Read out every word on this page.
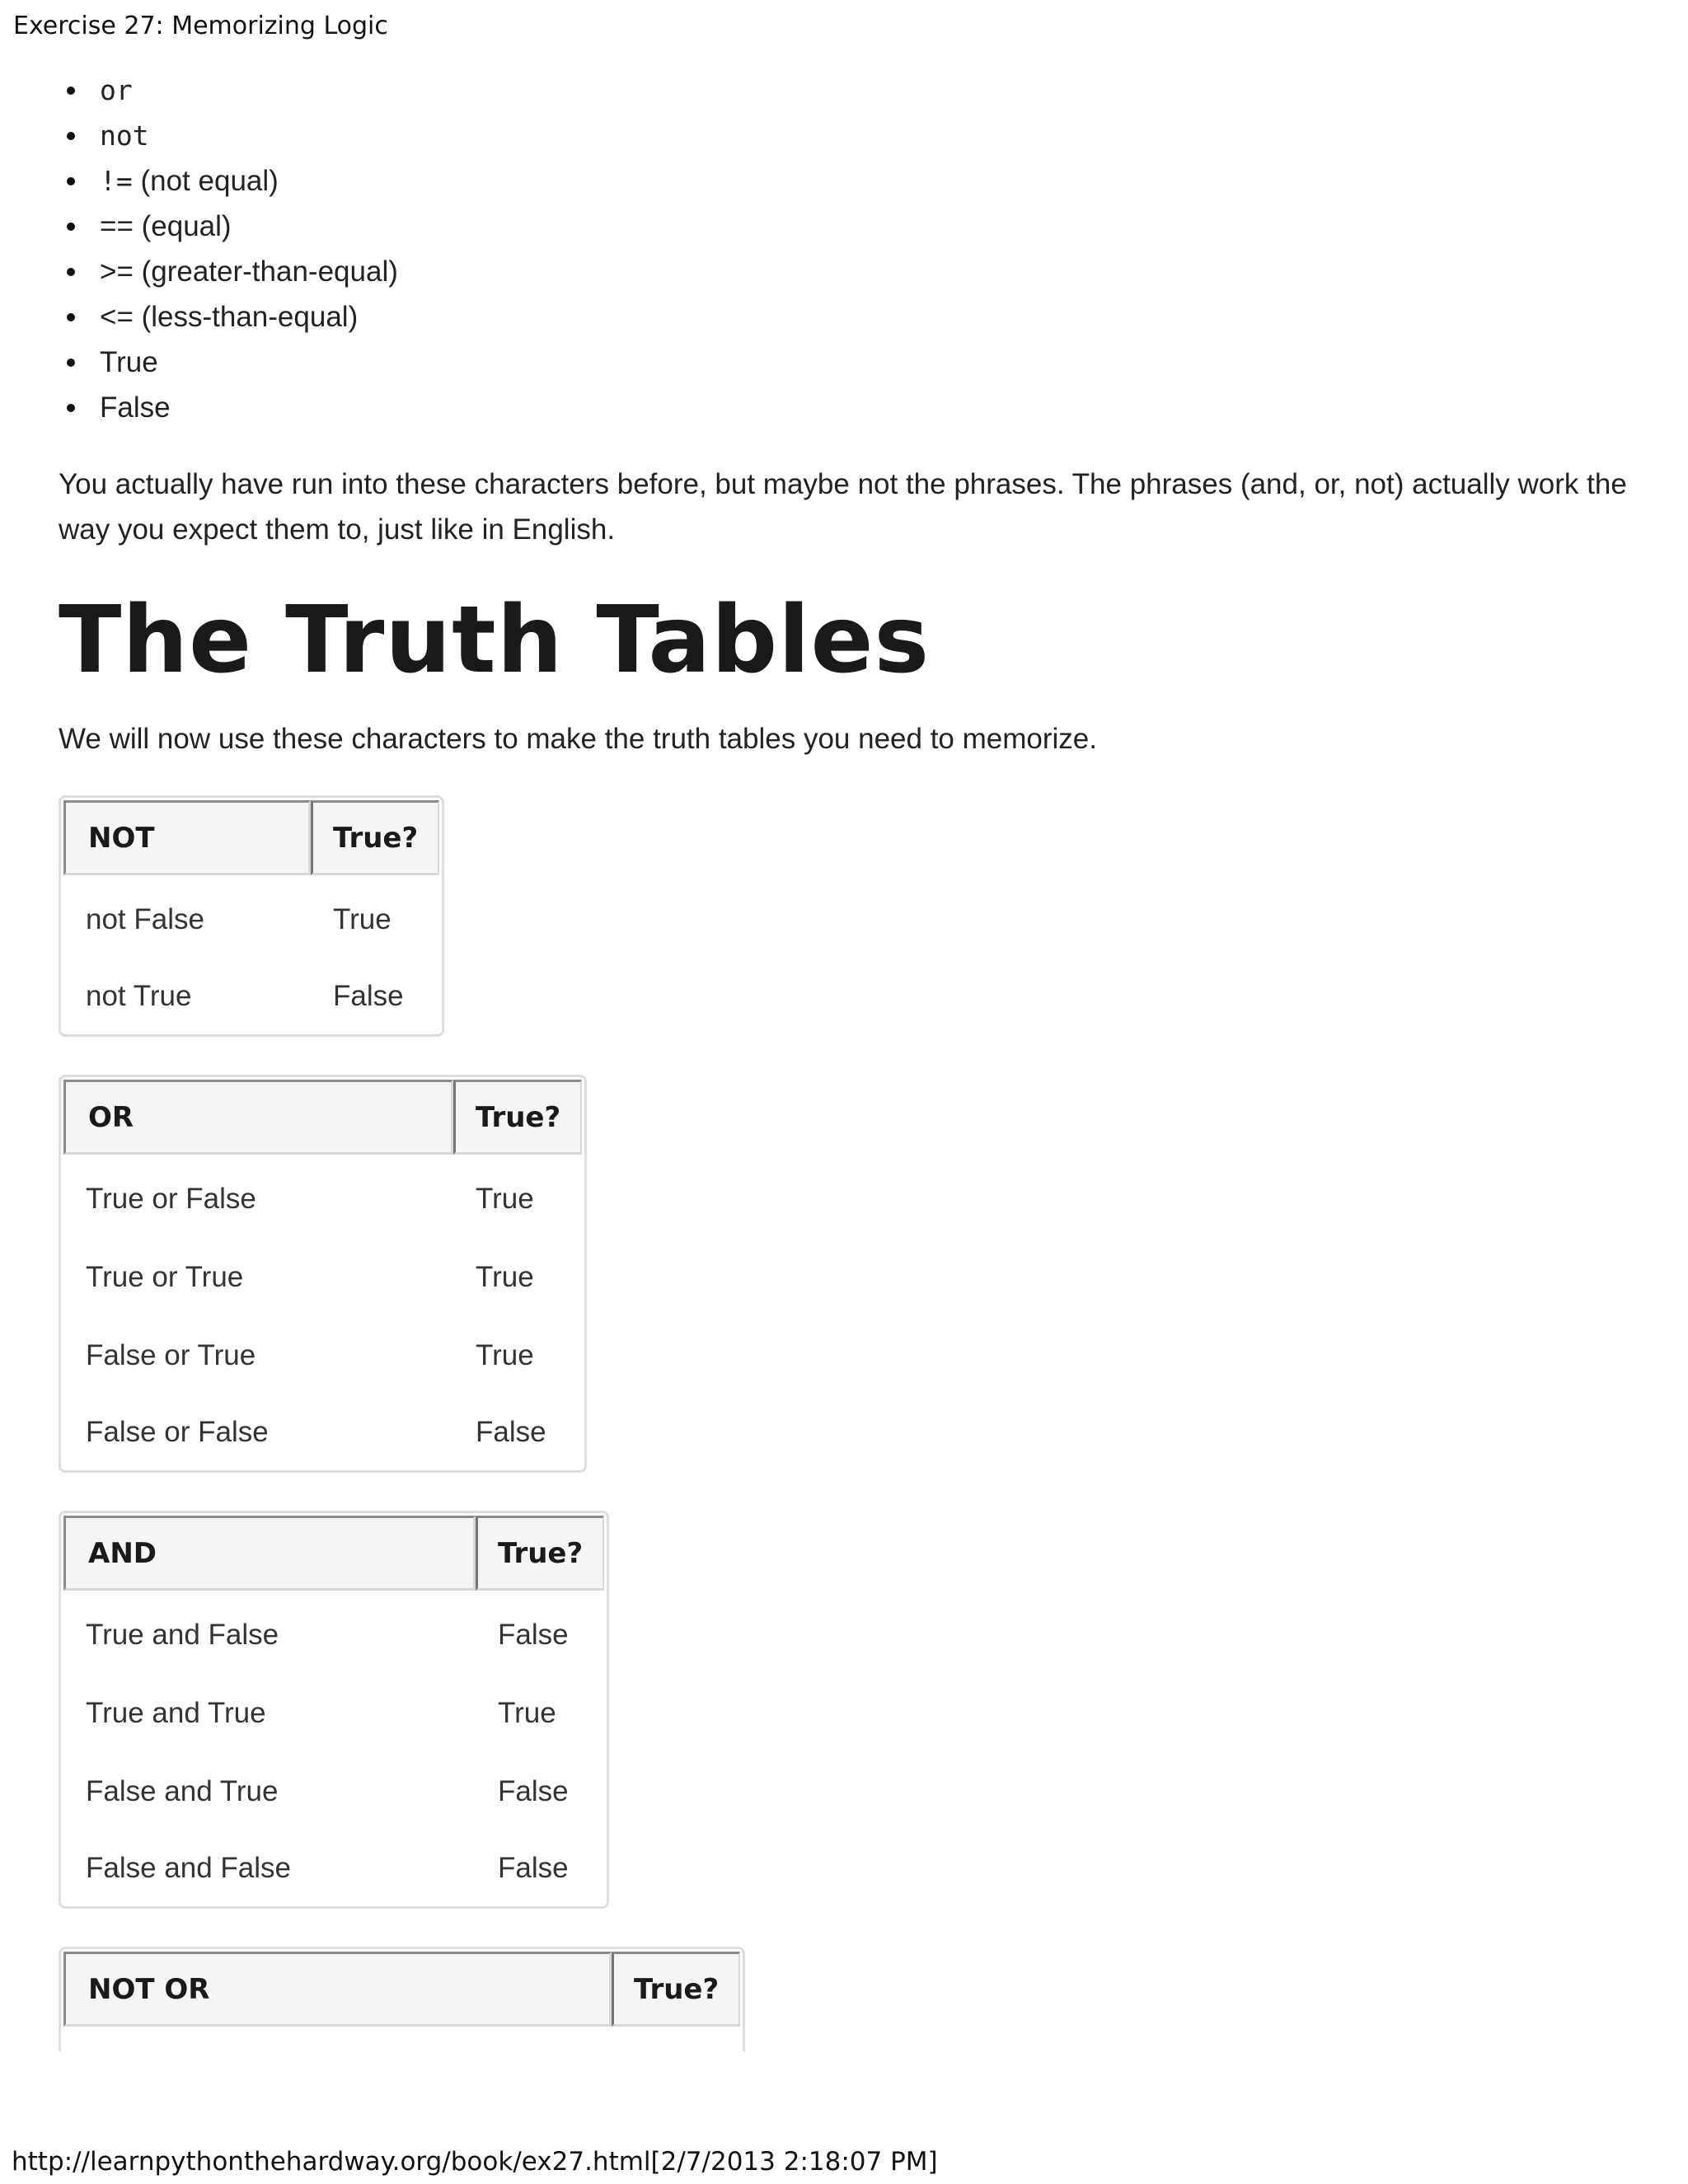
Exercise 27: Memorizing Logic
or
not
!= (not equal)
== (equal)
>= (greater-than-equal)
<= (less-than-equal)
True
False

You actually have run into these characters before, but maybe not the phrases. The phrases (and, or, not) actually work the way you expect them to, just like in English.

The Truth Tables

We will now use these characters to make the truth tables you need to memorize.

NOT	True?
not False	True
not True	False
OR	True?
True or False	True
True or True	True
False or True	True
False or False	False
AND	True?
True and False	False
True and True	True
False and True	False
False and False	False
NOT OR	True?

http://learnpythonthehardway.org/book/ex27.html[2/7/2013 2:18:07 PM]
